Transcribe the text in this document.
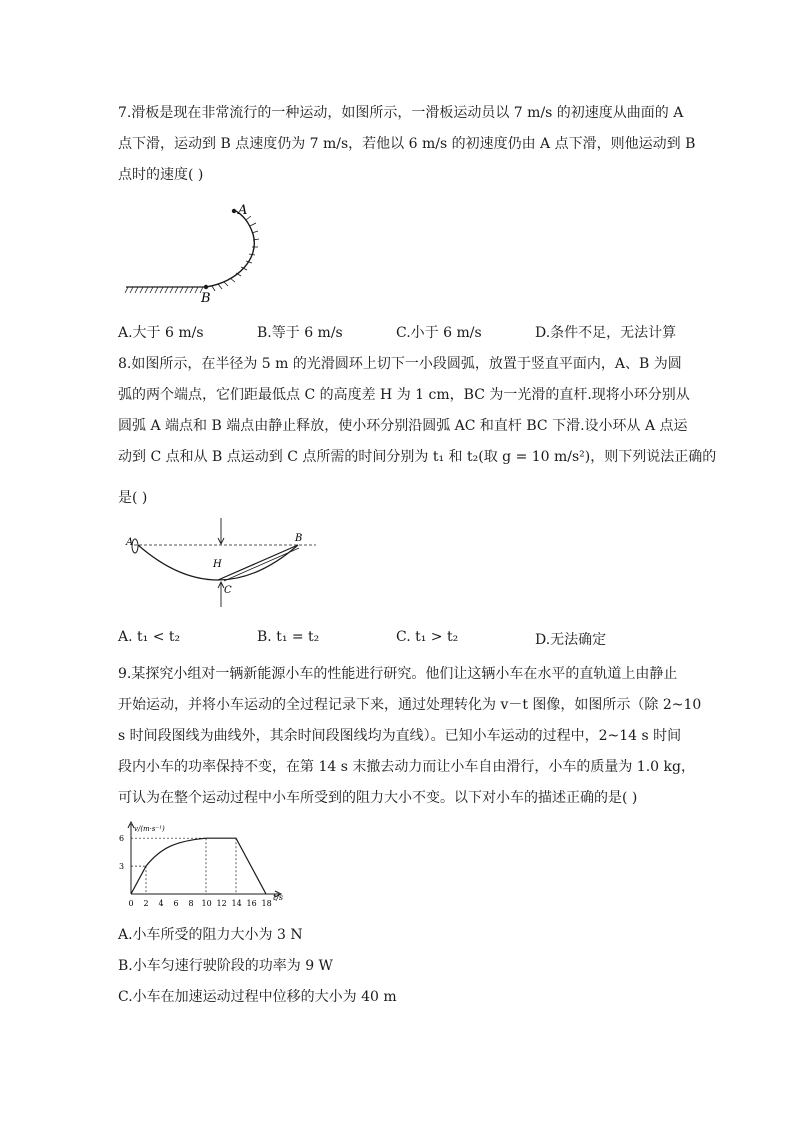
7.滑板是现在非常流行的一种运动，如图所示，一滑板运动员以 7 m/s 的初速度从曲面的 A
点下滑，运动到 B 点速度仍为 7 m/s，若他以 6 m/s 的初速度仍由 A 点下滑，则他运动到 B
点时的速度( )
A
B
A.大于 6 m/s	B.等于 6 m/s	C.小于 6 m/s	D.条件不足，无法计算
8.如图所示，在半径为 5 m 的光滑圆环上切下一小段圆弧，放置于竖直平面内，A、B 为圆
弧的两个端点，它们距最低点 C 的高度差 H 为 1 cm，BC 为一光滑的直杆.现将小环分别从
圆弧 A 端点和 B 端点由静止释放，使小环分别沿圆弧 AC 和直杆 BC 下滑.设小环从 A 点运
动到 C 点和从 B 点运动到 C 点所需的时间分别为 t₁ 和 t₂(取 g = 10 m/s²)，则下列说法正确的
是( )
A	B
C
H
A. t₁ < t₂	B. t₁ = t₂	C. t₁ > t₂	D.无法确定
9.某探究小组对一辆新能源小车的性能进行研究。他们让这辆小车在水平的直轨道上由静止
开始运动，并将小车运动的全过程记录下来，通过处理转化为 v－t 图像，如图所示（除 2~10
s 时间段图线为曲线外，其余时间段图线均为直线）。已知小车运动的过程中，2~14 s 时间
段内小车的功率保持不变，在第 14 s 末撤去动力而让小车自由滑行，小车的质量为 1.0 kg，
可认为在整个运动过程中小车所受到的阻力大小不变。以下对小车的描述正确的是( )
0 2 4 6 8 10 12 14 16 18
3
6
v/(m·s⁻¹)
t/s
A.小车所受的阻力大小为 3 N
B.小车匀速行驶阶段的功率为 9 W
C.小车在加速运动过程中位移的大小为 40 m
